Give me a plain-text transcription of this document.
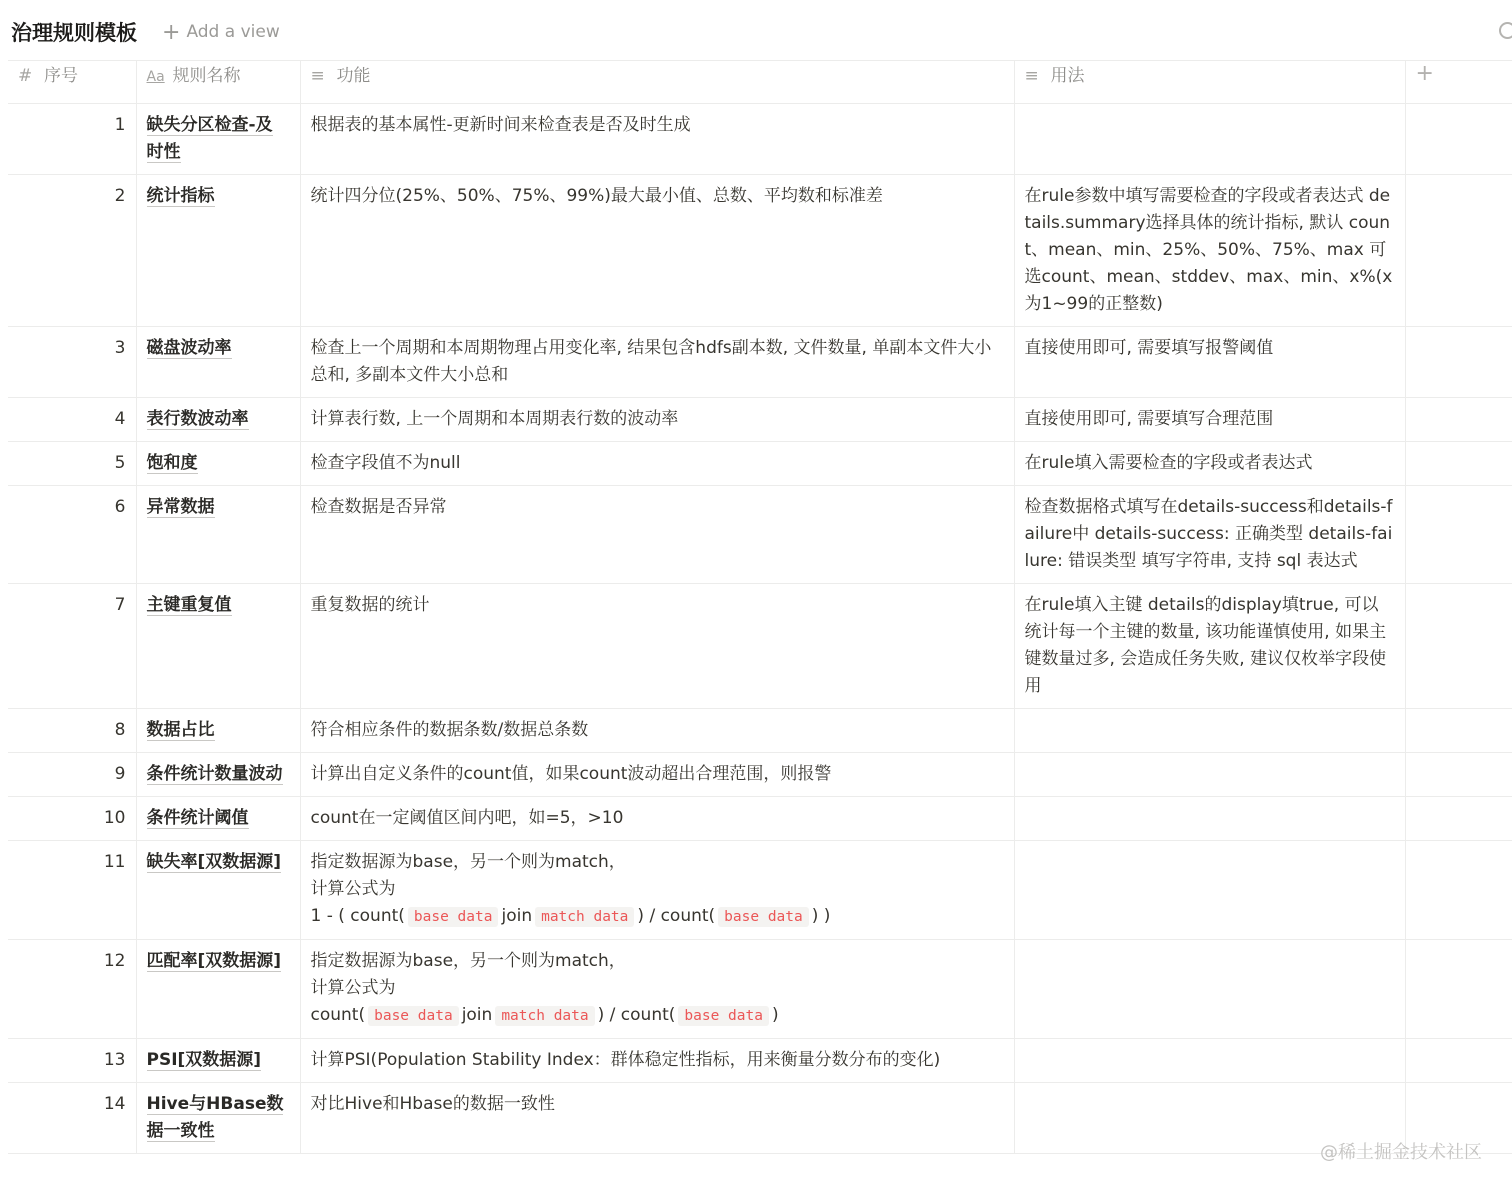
治理规则模板 + Add a view
# 序号	Aa 规则名称	≡ 功能	≡ 用法	+
1	缺失分区检查-及时性	根据表的基本属性-更新时间来检查表是否及时生成		
2	统计指标	统计四分位(25%、50%、75%、99%)最大最小值、总数、平均数和标准差	在rule参数中填写需要检查的字段或者表达式 details.summary选择具体的统计指标, 默认 count、mean、min、25%、50%、75%、max 可选count、mean、stddev、max、min、x%(x为1~99的正整数)	
3	磁盘波动率	检查上一个周期和本周期物理占用变化率, 结果包含hdfs副本数, 文件数量, 单副本文件大小总和, 多副本文件大小总和	直接使用即可, 需要填写报警阈值	
4	表行数波动率	计算表行数, 上一个周期和本周期表行数的波动率	直接使用即可, 需要填写合理范围	
5	饱和度	检查字段值不为null	在rule填入需要检查的字段或者表达式	
6	异常数据	检查数据是否异常	检查数据格式填写在details-success和details-failure中 details-success: 正确类型 details-failure: 错误类型 填写字符串, 支持 sql 表达式	
7	主键重复值	重复数据的统计	在rule填入主键 details的display填true, 可以统计每一个主键的数量, 该功能谨慎使用, 如果主键数量过多, 会造成任务失败, 建议仅枚举字段使用	
8	数据占比	符合相应条件的数据条数/数据总条数		
9	条件统计数量波动	计算出自定义条件的count值，如果count波动超出合理范围，则报警		
10	条件统计阈值	count在一定阈值区间内吧，如=5，>10		
11	缺失率[双数据源]	指定数据源为base，另一个则为match，
计算公式为
1 - ( count( base data join match data ) / count( base data ) )		

12	匹配率[双数据源]	指定数据源为base，另一个则为match，
计算公式为
count( base data join match data ) / count( base data )		

13	PSI[双数据源]	计算PSI(Population Stability Index：群体稳定性指标，用来衡量分数分布的变化)		
14	Hive与HBase数据一致性	对比Hive和Hbase的数据一致性		
@稀土掘金技术社区
